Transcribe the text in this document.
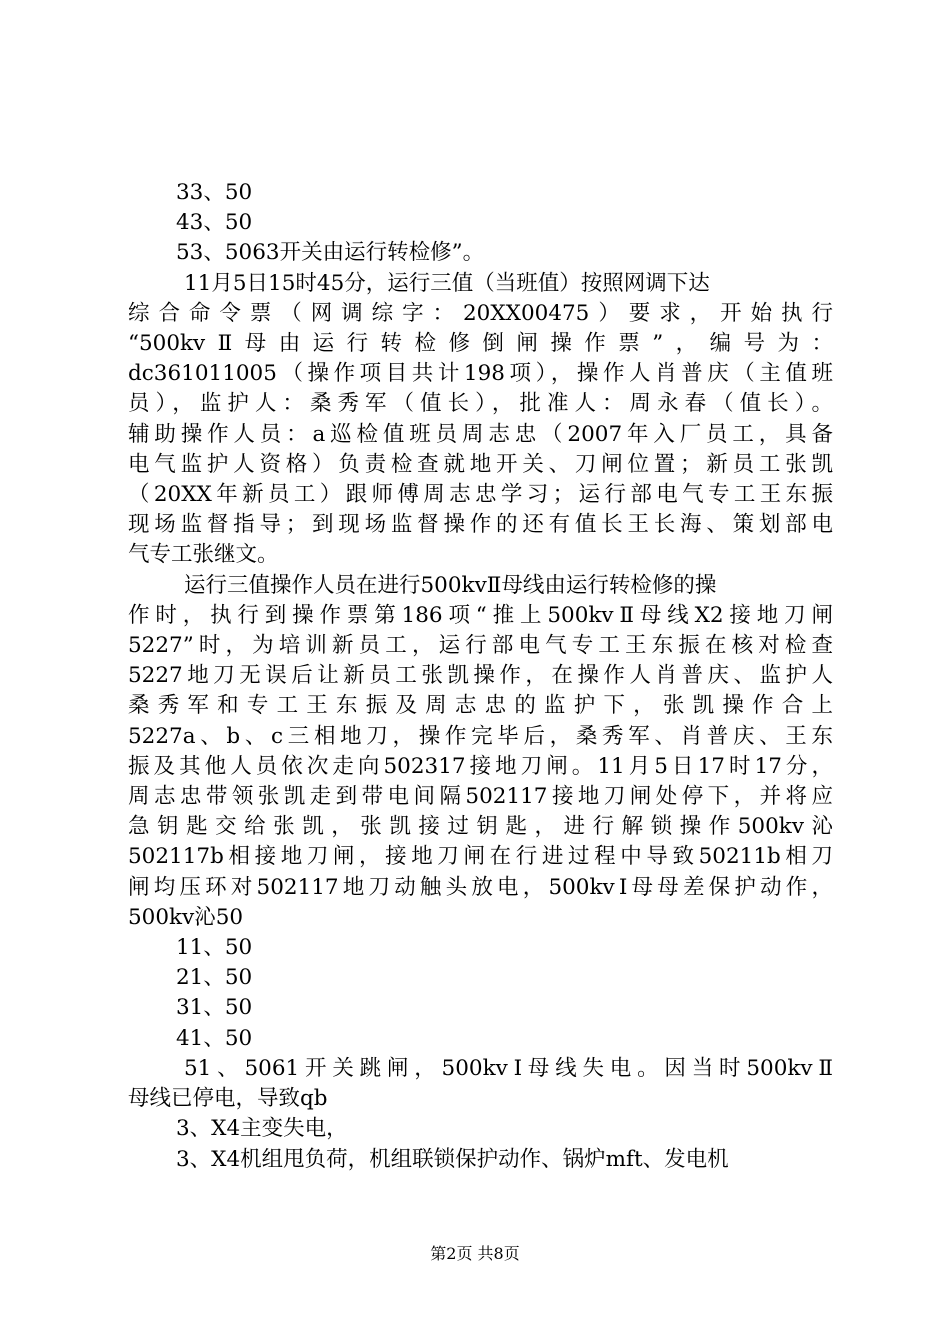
33、50
43、50
53、5063开关由运行转检修”。
11月5日15时45分，运行三值（当班值）按照网调下达
综合命令票（网调综字：20XX00475）要求，开始执行
“500kvⅡ母由运行转检修倒闸操作票”，编号为：
dc361011005（操作项目共计198项），操作人肖普庆（主值班
员），监护人：桑秀军（值长），批准人：周永春（值长）。
辅助操作人员：a巡检值班员周志忠（2007年入厂员工，具备
电气监护人资格）负责检查就地开关、刀闸位置；新员工张凯
（20XX年新员工）跟师傅周志忠学习；运行部电气专工王东振
现场监督指导；到现场监督操作的还有值长王长海、策划部电
气专工张继文。
运行三值操作人员在进行500kvⅡ母线由运行转检修的操
作时，执行到操作票第186项“推上500kvⅡ母线X2接地刀闸
5227”时，为培训新员工，运行部电气专工王东振在核对检查
5227地刀无误后让新员工张凯操作，在操作人肖普庆、监护人
桑秀军和专工王东振及周志忠的监护下，张凯操作合上
5227a、b、c三相地刀，操作完毕后，桑秀军、肖普庆、王东
振及其他人员依次走向502317接地刀闸。11月5日17时17分，
周志忠带领张凯走到带电间隔502117接地刀闸处停下，并将应
急钥匙交给张凯，张凯接过钥匙，进行解锁操作500kv沁
502117b相接地刀闸，接地刀闸在行进过程中导致50211b相刀
闸均压环对502117地刀动触头放电，500kvⅠ母母差保护动作，
500kv沁50
11、50
21、50
31、50
41、50
51、5061开关跳闸，500kvⅠ母线失电。因当时500kvⅡ
母线已停电，导致qb
3、X4主变失电，
3、X4机组甩负荷，机组联锁保护动作、锅炉mft、发电机
第2页 共8页
